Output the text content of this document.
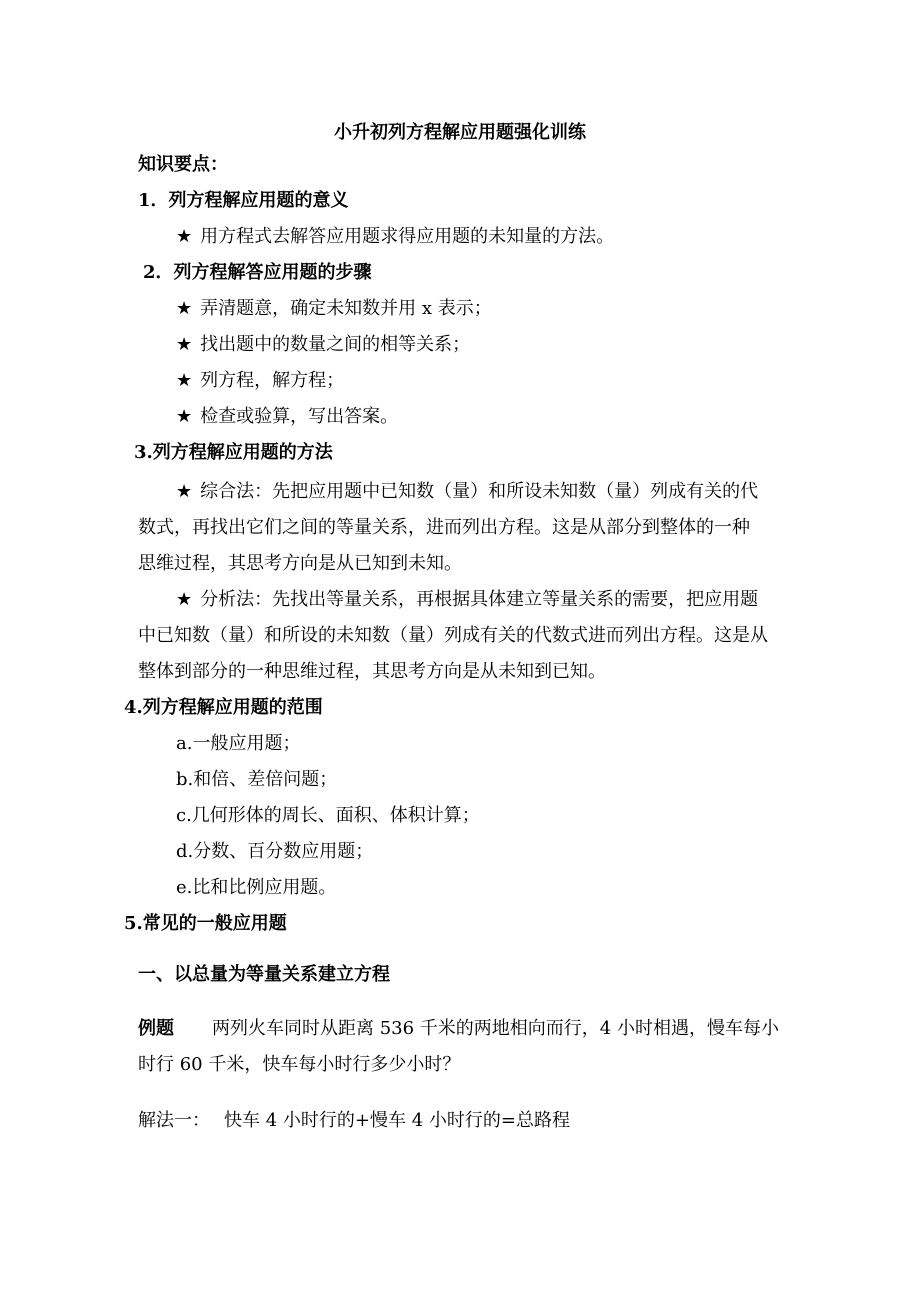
小升初列方程解应用题强化训练
知识要点：
1．列方程解应用题的意义
★ 用方程式去解答应用题求得应用题的未知量的方法。
2．列方程解答应用题的步骤
★ 弄清题意，确定未知数并用 x 表示；
★ 找出题中的数量之间的相等关系；
★ 列方程，解方程；
★ 检查或验算，写出答案。
3.列方程解应用题的方法
★ 综合法：先把应用题中已知数（量）和所设未知数（量）列成有关的代
数式，再找出它们之间的等量关系，进而列出方程。这是从部分到整体的一种
思维过程，其思考方向是从已知到未知。
★ 分析法：先找出等量关系，再根据具体建立等量关系的需要，把应用题
中已知数（量）和所设的未知数（量）列成有关的代数式进而列出方程。这是从
整体到部分的一种思维过程，其思考方向是从未知到已知。
4.列方程解应用题的范围
a.一般应用题；
b.和倍、差倍问题；
c.几何形体的周长、面积、体积计算；
d.分数、百分数应用题；
e.比和比例应用题。
5.常见的一般应用题
一、以总量为等量关系建立方程
例题 两列火车同时从距离 536 千米的两地相向而行，4 小时相遇，慢车每小
时行 60 千米，快车每小时行多少小时？
解法一： 快车 4 小时行的+慢车 4 小时行的=总路程
